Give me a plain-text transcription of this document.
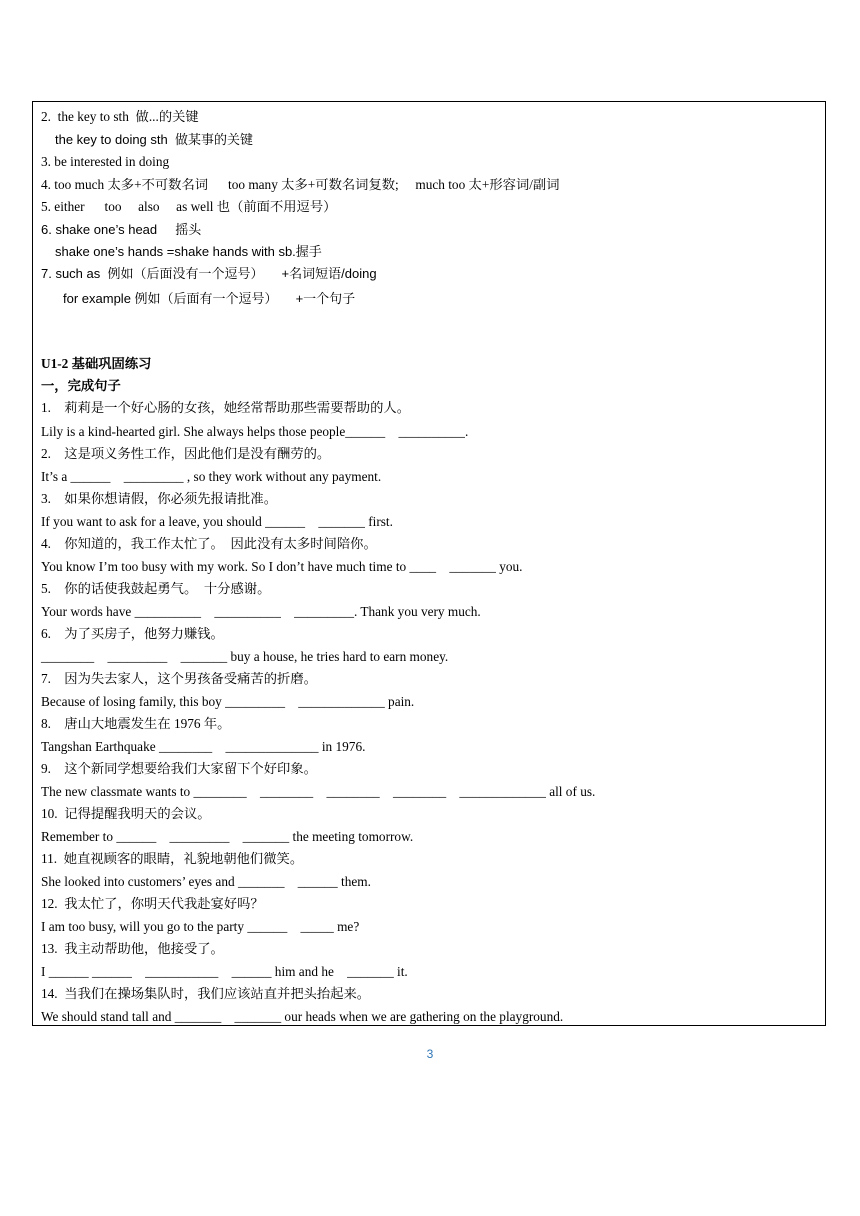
2.  the key to sth  做...的关键
the key to doing sth  做某事的关键
3. be interested in doing
4. too much 太多+不可数名词      too many 太多+可数名词复数;     much too 太+形容词/副词
5. either      too     also     as well 也（前面不用逗号）
6. shake one’s head     摇头
shake one’s hands =shake hands with sb.握手
7. such as  例如（后面没有一个逗号）     +名词短语/doing
for example 例如（后面有一个逗号）     +一个句子
U1-2 基础巩固练习
一，完成句子
1.    莉莉是一个好心肠的女孩，她经常帮助那些需要帮助的人。
Lily is a kind-hearted girl. She always helps those people______    __________.
2.    这是项义务性工作，因此他们是没有酬劳的。
It’s a ______    _________ , so they work without any payment.
3.    如果你想请假，你必须先报请批准。
If you want to ask for a leave, you should ______    _______ first.
4.    你知道的，我工作太忙了。  因此没有太多时间陪你。
You know I’m too busy with my work. So I don’t have much time to ____    _______ you.
5.    你的话使我鼓起勇气。  十分感谢。
Your words have __________    __________    _________. Thank you very much.
6.    为了买房子，他努力赚钱。
________    _________    _______ buy a house, he tries hard to earn money.
7.    因为失去家人，这个男孩备受痛苦的折磨。
Because of losing family, this boy _________    _____________ pain.
8.    唐山大地震发生在 1976 年。
Tangshan Earthquake ________    ______________ in 1976.
9.    这个新同学想要给我们大家留下个好印象。
The new classmate wants to ________    ________    ________    ________    _____________ all of us.
10.  记得提醒我明天的会议。
Remember to ______    _________    _______ the meeting tomorrow.
11.  她直视顾客的眼睛，礼貌地朝他们微笑。
She looked into customers’ eyes and _______    ______ them.
12.  我太忙了，你明天代我赴宴好吗？
I am too busy, will you go to the party ______    _____ me?
13.  我主动帮助他，他接受了。
I ______ ______    ___________    ______ him and he    _______ it.
14.  当我们在操场集队时，我们应该站直并把头抬起来。
We should stand tall and _______    _______ our heads when we are gathering on the playground.
3
